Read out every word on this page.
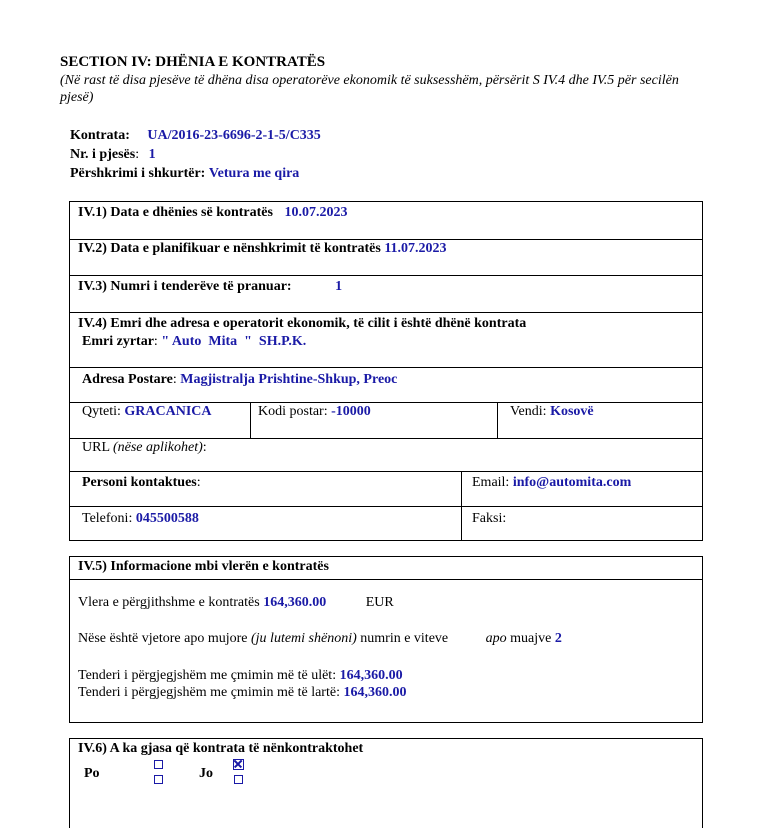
SECTION IV: DHËNIA E KONTRATËS
(Në rast të disa pjesëve të dhëna disa operatorëve ekonomik të suksesshëm, përsërit S IV.4 dhe IV.5 për secilën pjesë)
Kontrata: UA/2016-23-6696-2-1-5/C335
Nr. i pjesës: 1
Përshkrimi i shkurtër: Vetura me qira
IV.1) Data e dhënies së kontratës 10.07.2023
IV.2) Data e planifikuar e nënshkrimit të kontratës 11.07.2023
IV.3) Numri i tenderëve të pranuar:	1
IV.4) Emri dhe adresa e operatorit ekonomik, të cilit i është dhënë kontrata
Emri zyrtar: " Auto  Mita  "  SH.P.K.
Adresa Postare: Magjistralja Prishtine-Shkup, Preoc
Qyteti: GRACANICA	Kodi postar: -10000	Vendi: Kosovë
URL (nëse aplikohet):
Personi kontaktues:	Email: info@automita.com
Telefoni: 045500588	Faksi:
IV.5) Informacione mbi vlerën e kontratës
Vlera e përgjithshme e kontratës 164,360.00	EUR
Nëse është vjetore apo mujore (ju lutemi shënoni) numrin e viteve	apo muajve 2
Tenderi i përgjegjshëm me çmimin më të ulët: 164,360.00
Tenderi i përgjegjshëm me çmimin më të lartë: 164,360.00
IV.6) A ka gjasa që kontrata të nënkontraktohet
Po	Jo
